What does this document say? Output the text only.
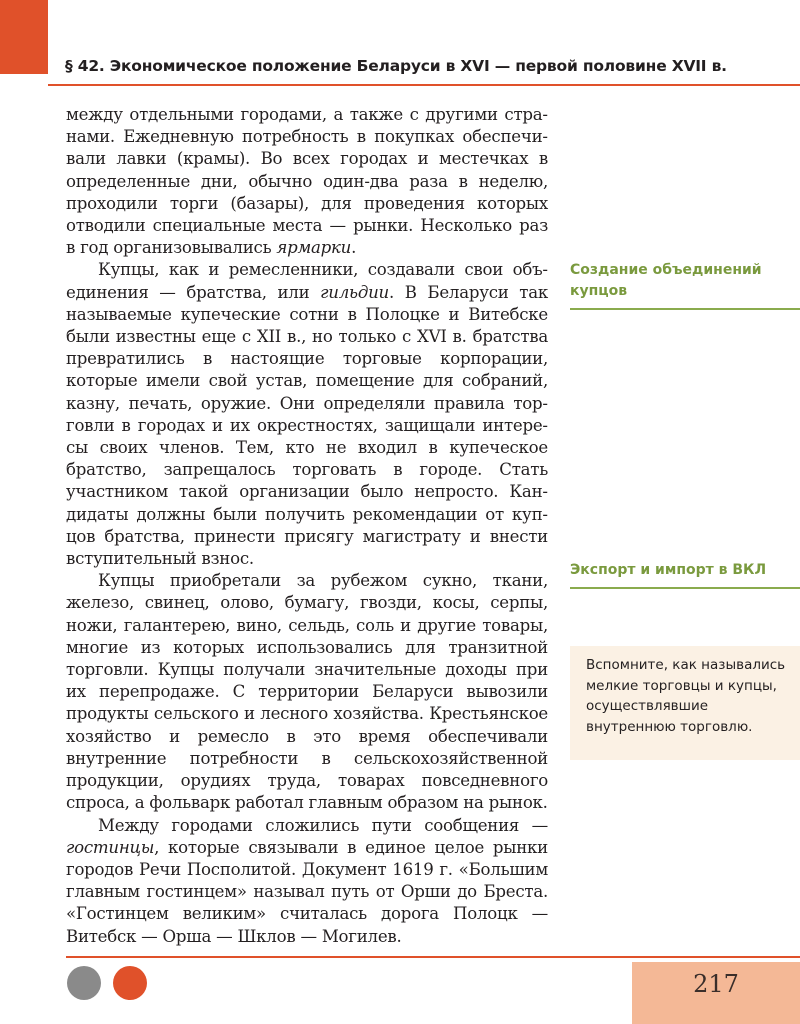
§ 42. Экономическое положение Беларуси в XVI — первой половине XVII в.

между отдельными городами, а также с другими странами. Ежедневную потребность в покупках обеспечивали лавки (крамы). Во всех городах и местечках в определенные дни, обычно один-два раза в неделю, проходили торги (базары), для проведения которых отводили специальные места — рынки. Несколько раз в год организовывались ярмарки.

Купцы, как и ремесленники, создавали свои объединения — братства, или гильдии. В Беларуси так называемые купеческие сотни в Полоцке и Витебске были известны еще с XII в., но только с XVI в. братства превратились в настоящие торговые корпорации, которые имели свой устав, помещение для собраний, казну, печать, оружие. Они определяли правила торговли в городах и их окрестностях, защищали интересы своих членов. Тем, кто не входил в купеческое братство, запрещалось торговать в городе. Стать участником такой организации было непросто. Кандидаты должны были получить рекомендации от купцов братства, принести присягу магистрату и внести вступительный взнос.

Купцы приобретали за рубежом сукно, ткани, железо, свинец, олово, бумагу, гвозди, косы, серпы, ножи, галантерею, вино, сельдь, соль и другие товары, многие из которых использовались для транзитной торговли. Купцы получали значительные доходы при их перепродаже. С территории Беларуси вывозили продукты сельского и лесного хозяйства. Крестьянское хозяйство и ремесло в это время обеспечивали внутренние потребности в сельскохозяйственной продукции, орудиях труда, товарах повседневного спроса, а фольварк работал главным образом на рынок.

Между городами сложились пути сообщения — гостинцы, которые связывали в единое целое рынки городов Речи Посполитой. Документ 1619 г. «Большим главным гостинцем» называл путь от Орши до Бреста. «Гостинцем великим» считалась дорога Полоцк — Витебск — Орша — Шклов — Могилев.

Создание объединений купцов
Экспорт и импорт в ВКЛ
Вспомните, как назывались мелкие торговцы и купцы, осуществлявшие внутреннюю торговлю.
217
